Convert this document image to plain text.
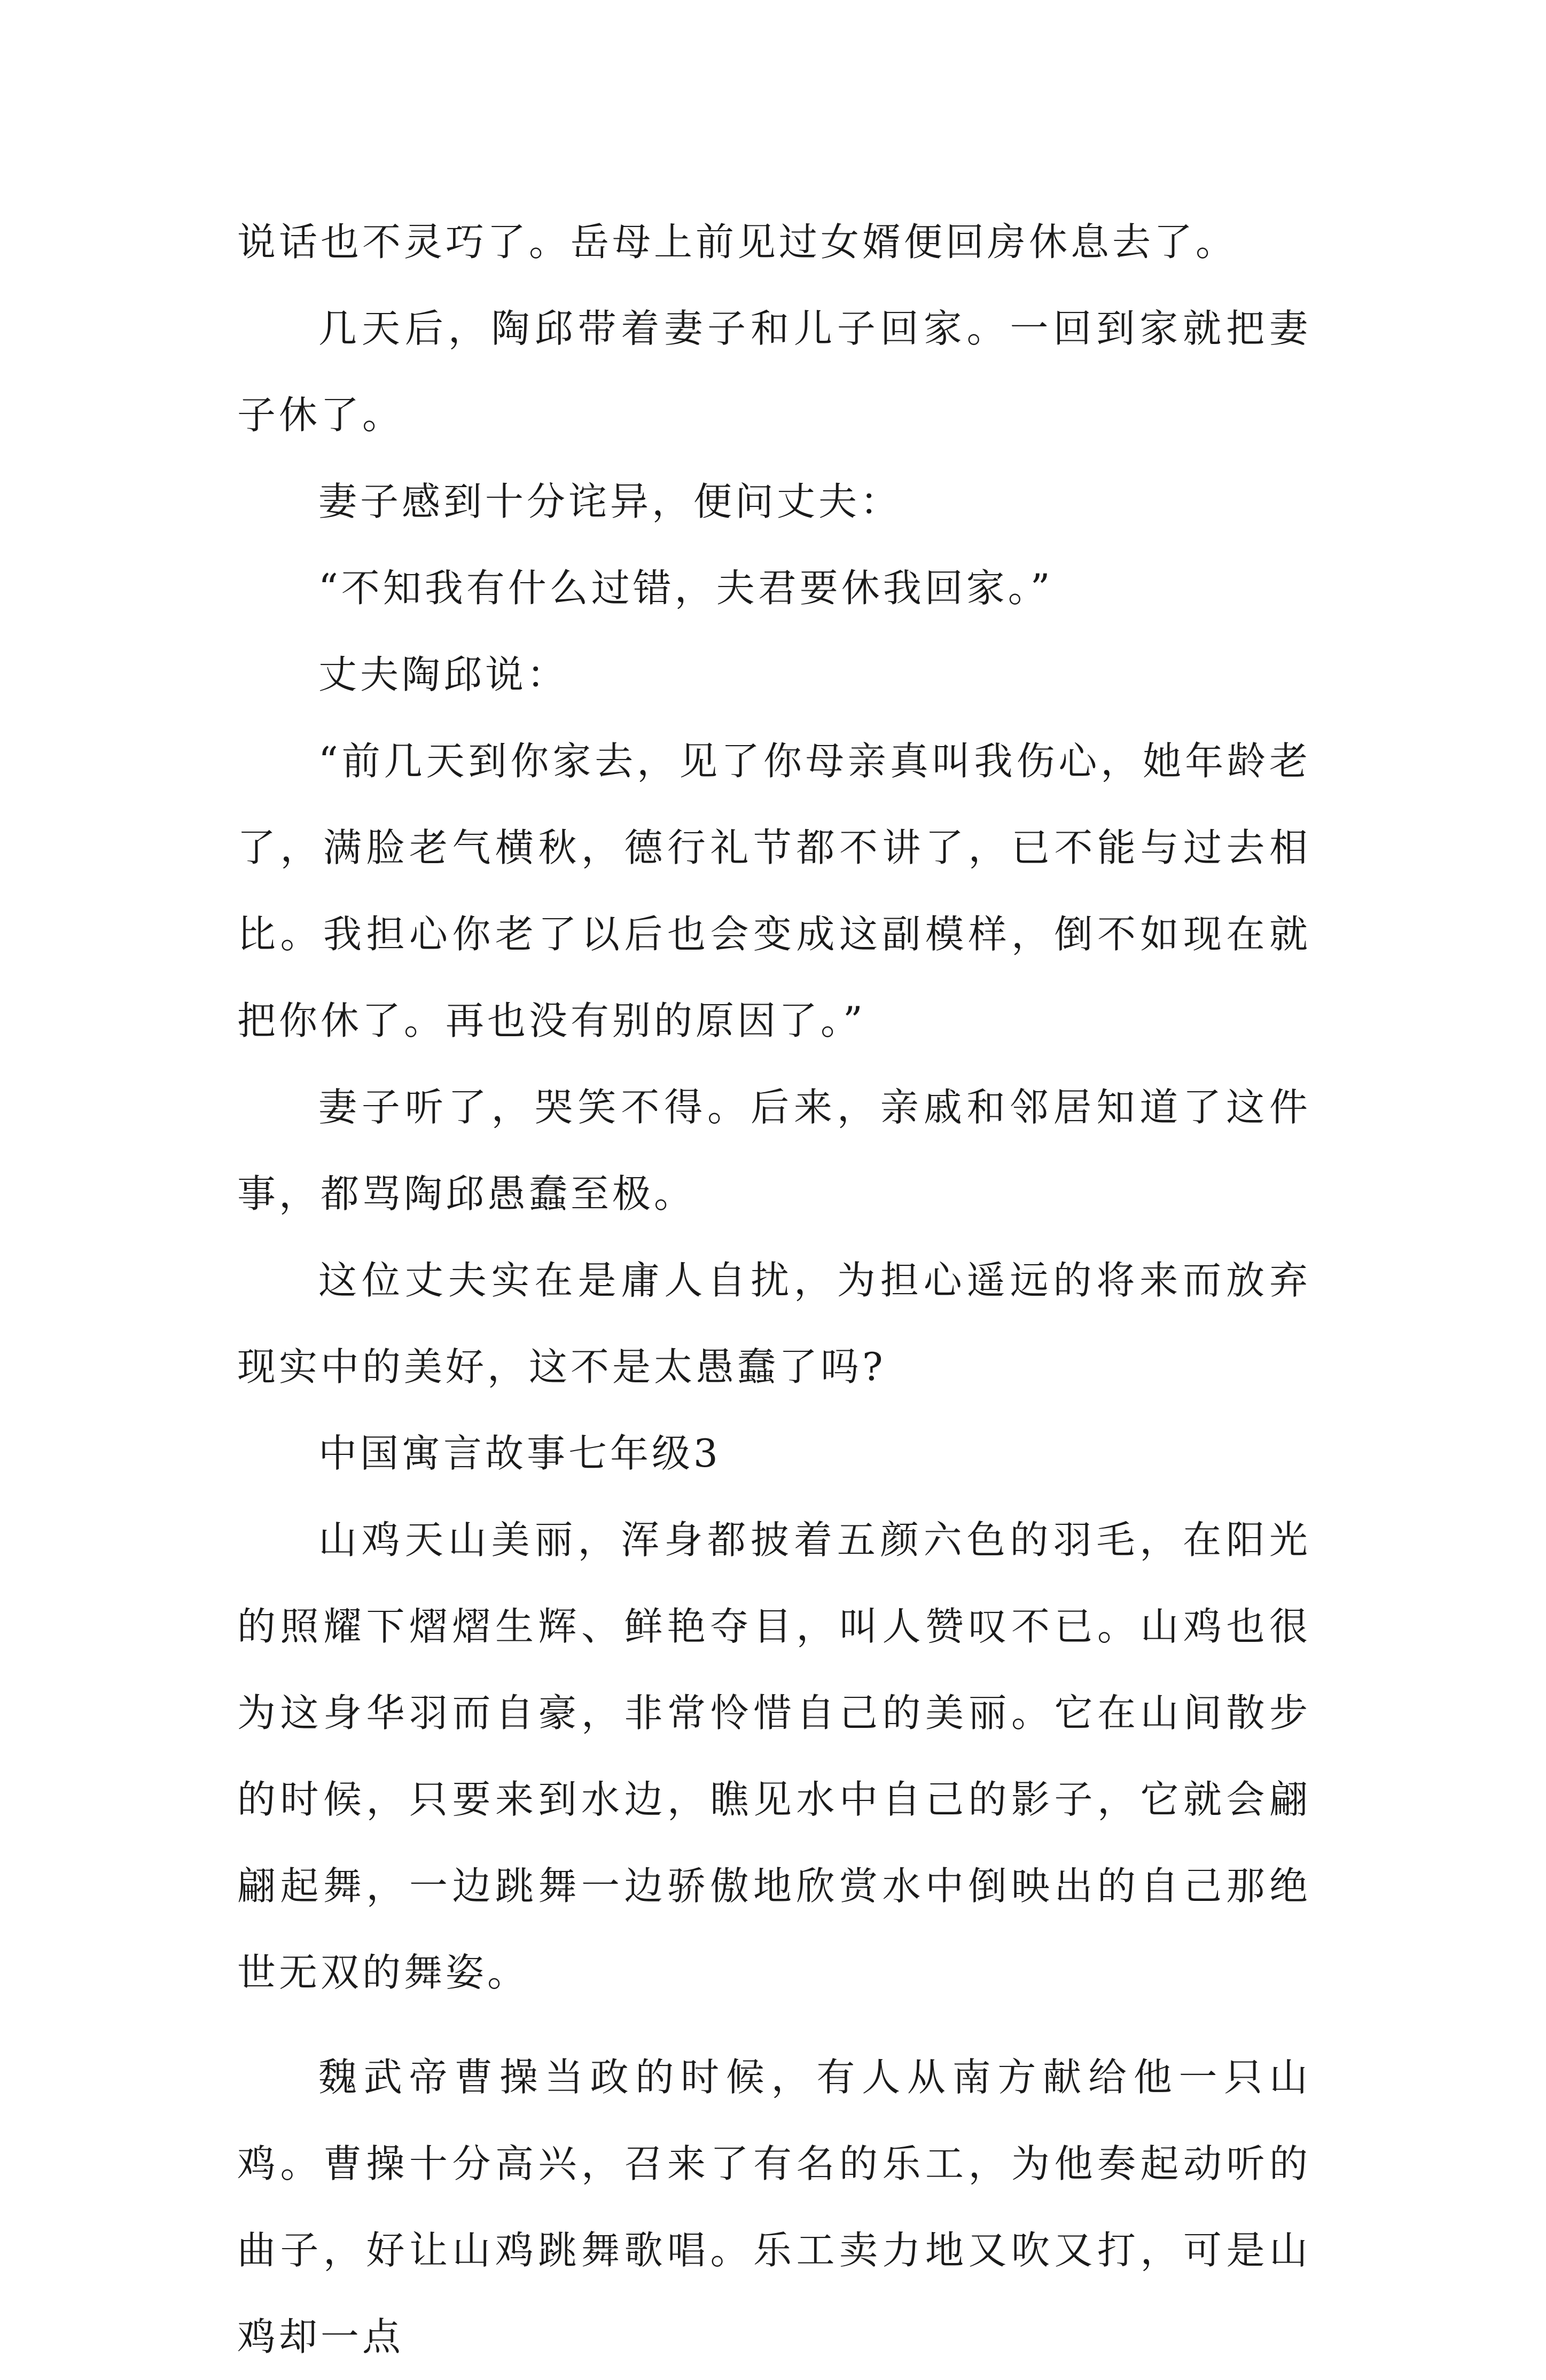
说话也不灵巧了。岳母上前见过女婿便回房休息去了。

几天后，陶邱带着妻子和儿子回家。一回到家就把妻子休了。

妻子感到十分诧异，便问丈夫：

“不知我有什么过错，夫君要休我回家。”

丈夫陶邱说：

“前几天到你家去，见了你母亲真叫我伤心，她年龄老了，满脸老气横秋，德行礼节都不讲了，已不能与过去相比。我担心你老了以后也会变成这副模样，倒不如现在就把你休了。再也没有别的原因了。”

妻子听了，哭笑不得。后来，亲戚和邻居知道了这件事，都骂陶邱愚蠢至极。

这位丈夫实在是庸人自扰，为担心遥远的将来而放弃现实中的美好，这不是太愚蠢了吗?

中国寓言故事七年级3

山鸡天山美丽，浑身都披着五颜六色的羽毛，在阳光的照耀下熠熠生辉、鲜艳夺目，叫人赞叹不已。山鸡也很为这身华羽而自豪，非常怜惜自己的美丽。它在山间散步的时候，只要来到水边，瞧见水中自己的影子，它就会翩翩起舞，一边跳舞一边骄傲地欣赏水中倒映出的自己那绝世无双的舞姿。

魏武帝曹操当政的时候，有人从南方献给他一只山鸡。曹操十分高兴，召来了有名的乐工，为他奏起动听的曲子，好让山鸡跳舞歌唱。乐工卖力地又吹又打，可是山鸡却一点
